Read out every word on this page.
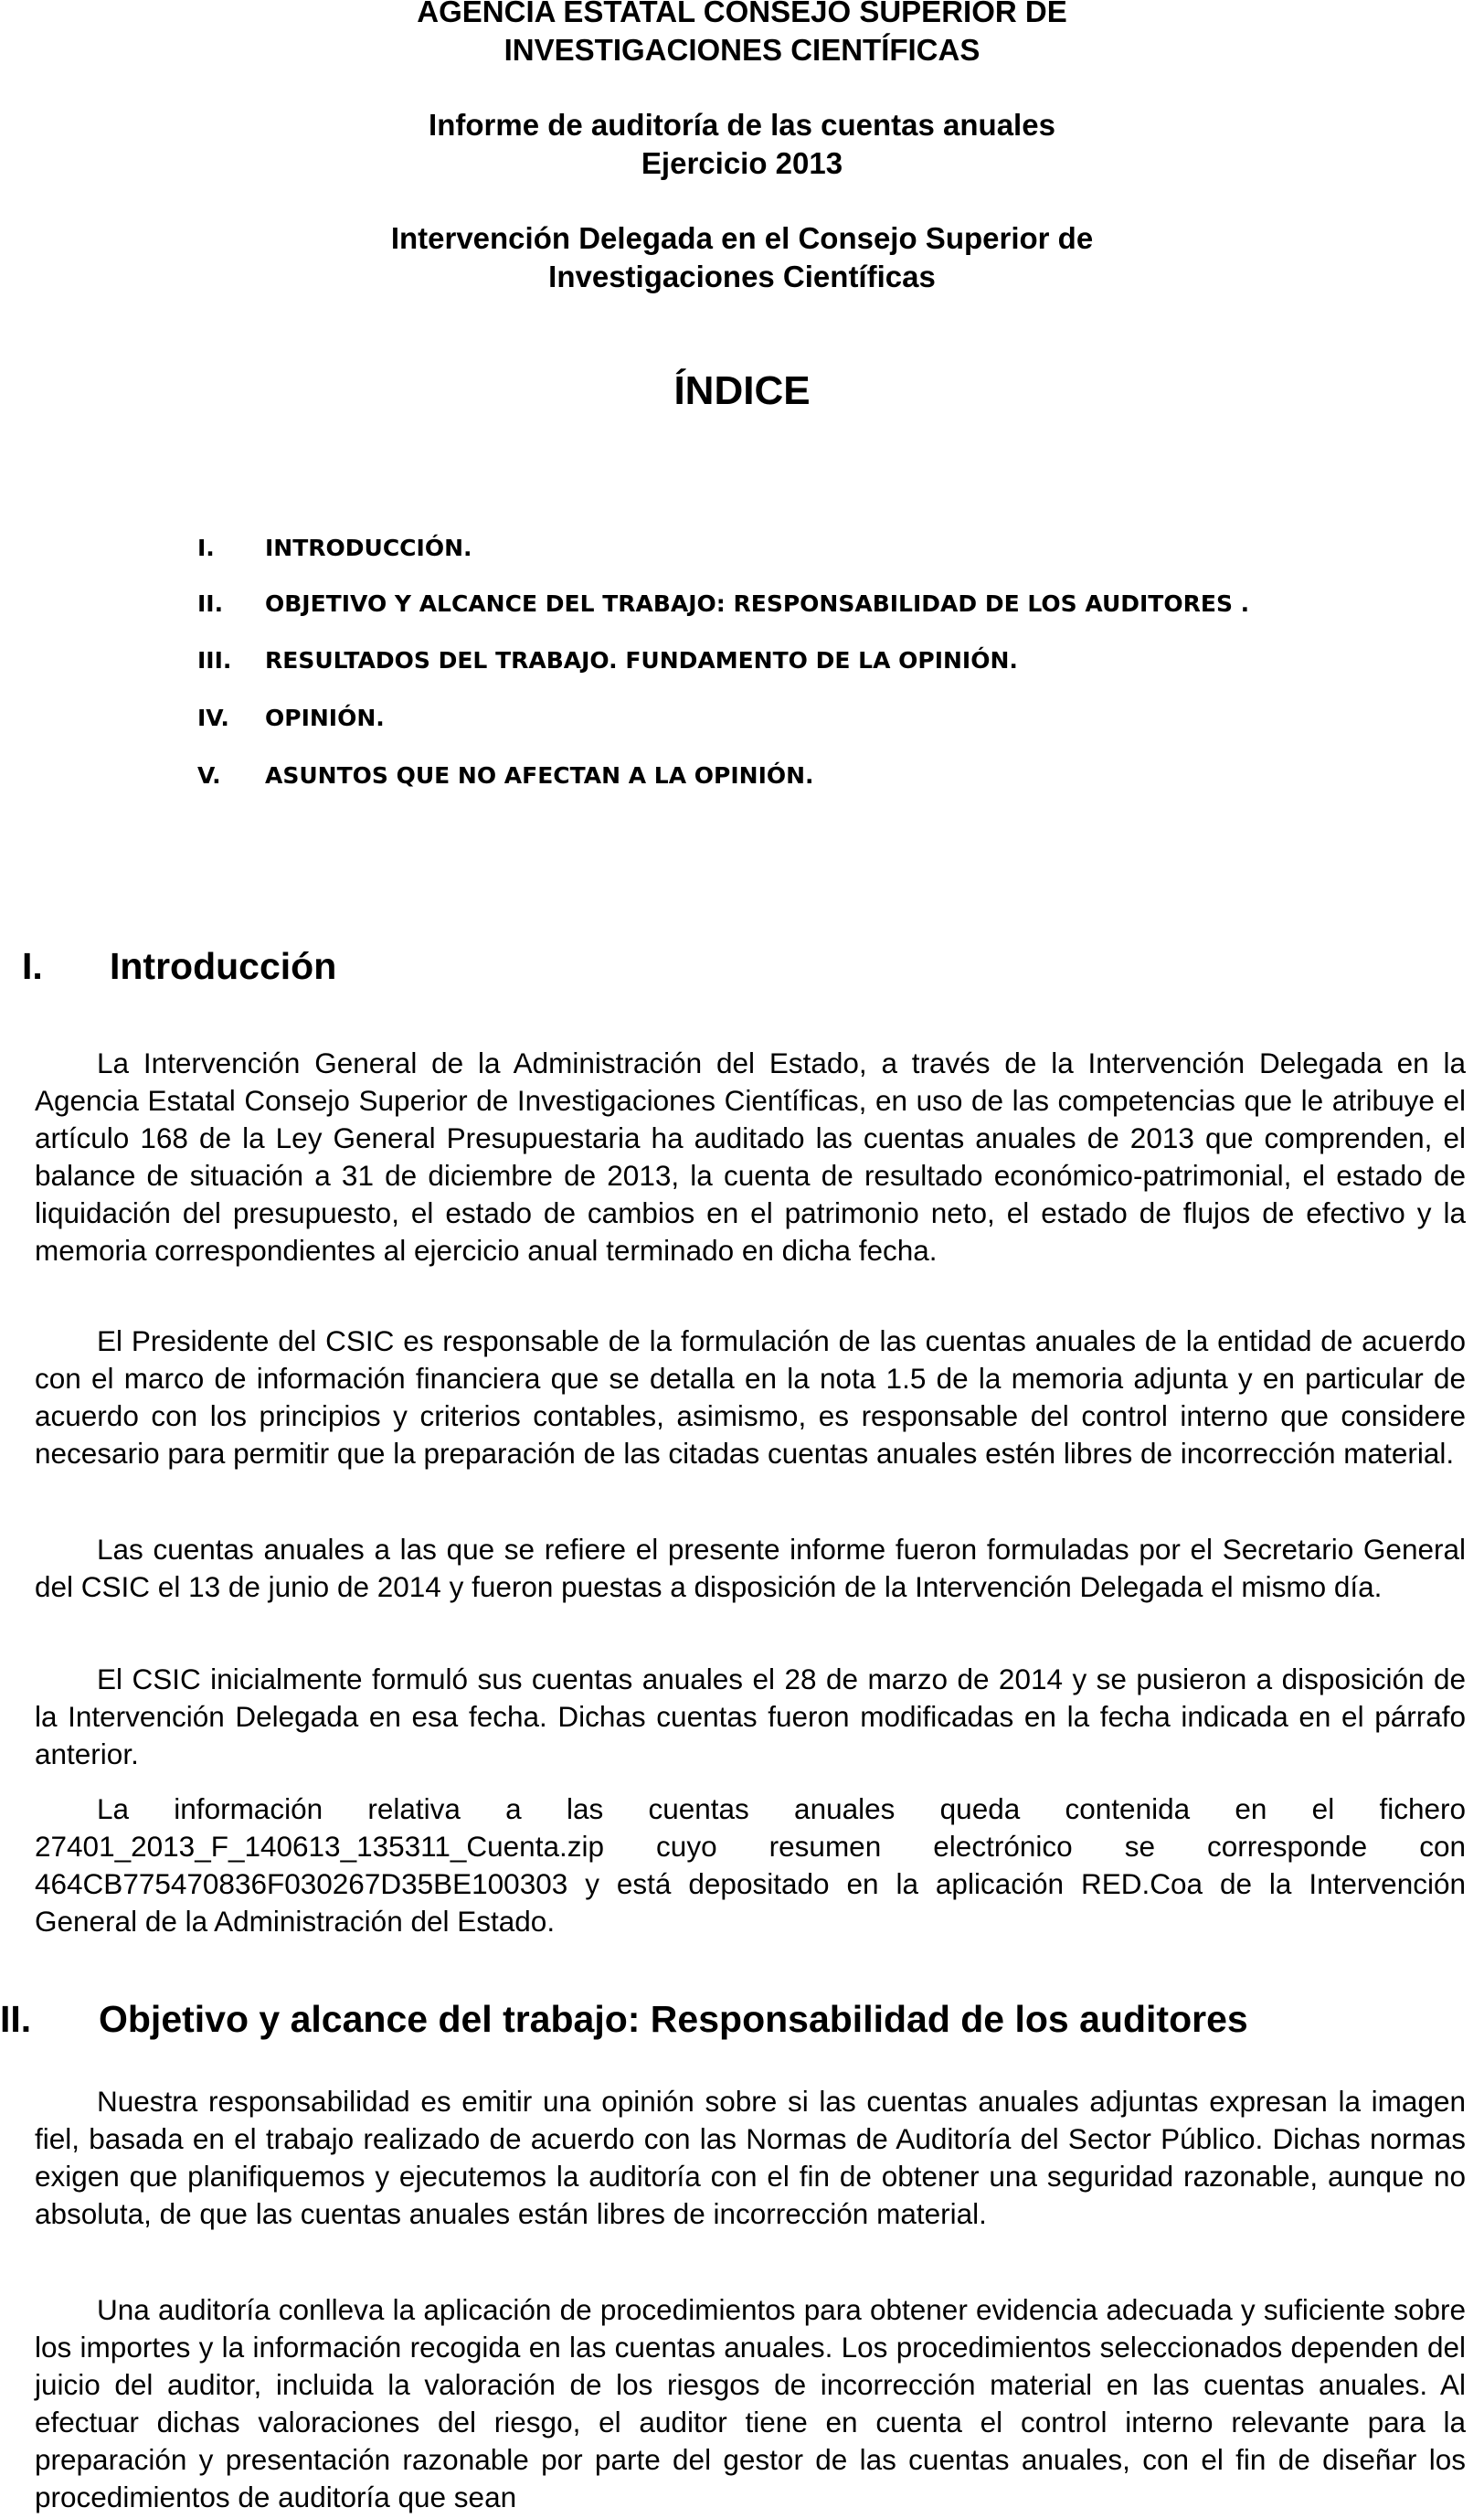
AGENCIA ESTATAL CONSEJO SUPERIOR DE
INVESTIGACIONES CIENTÍFICAS
Informe de auditoría de las cuentas anuales
Ejercicio 2013
Intervención Delegada en el Consejo Superior de
Investigaciones Científicas
ÍNDICE
I. INTRODUCCIÓN.
II. OBJETIVO Y ALCANCE DEL TRABAJO: RESPONSABILIDAD DE LOS AUDITORES .
III. RESULTADOS DEL TRABAJO. FUNDAMENTO DE LA OPINIÓN.
IV. OPINIÓN.
V. ASUNTOS QUE NO AFECTAN A LA OPINIÓN.
I. Introducción

La Intervención General de la Administración del Estado, a través de la Intervención Delegada en la Agencia Estatal Consejo Superior de Investigaciones Científicas, en uso de las competencias que le atribuye el artículo 168 de la Ley General Presupuestaria ha auditado las cuentas anuales de 2013 que comprenden, el balance de situación a 31 de diciembre de 2013, la cuenta de resultado económico-patrimonial, el estado de liquidación del presupuesto, el estado de cambios en el patrimonio neto, el estado de flujos de efectivo y la memoria correspondientes al ejercicio anual terminado en dicha fecha.

El Presidente del CSIC es responsable de la formulación de las cuentas anuales de la entidad de acuerdo con el marco de información financiera que se detalla en la nota 1.5 de la memoria adjunta y en particular de acuerdo con los principios y criterios contables, asimismo, es responsable del control interno que considere necesario para permitir que la preparación de las citadas cuentas anuales estén libres de incorrección material.

Las cuentas anuales a las que se refiere el presente informe fueron formuladas por el Secretario General del CSIC el 13 de junio de 2014 y fueron puestas a disposición de la Intervención Delegada el mismo día.

El CSIC inicialmente formuló sus cuentas anuales el 28 de marzo de 2014 y se pusieron a disposición de la Intervención Delegada en esa fecha. Dichas cuentas fueron modificadas en la fecha indicada en el párrafo anterior.

La información relativa a las cuentas anuales queda contenida en el fichero 27401_2013_F_140613_135311_Cuenta.zip cuyo resumen electrónico se corresponde con 464CB775470836F030267D35BE100303 y está depositado en la aplicación RED.Coa de la Intervención General de la Administración del Estado.

II. Objetivo y alcance del trabajo: Responsabilidad de los auditores

Nuestra responsabilidad es emitir una opinión sobre si las cuentas anuales adjuntas expresan la imagen fiel, basada en el trabajo realizado de acuerdo con las Normas de Auditoría del Sector Público. Dichas normas exigen que planifiquemos y ejecutemos la auditoría con el fin de obtener una seguridad razonable, aunque no absoluta, de que las cuentas anuales están libres de incorrección material.

Una auditoría conlleva la aplicación de procedimientos para obtener evidencia adecuada y suficiente sobre los importes y la información recogida en las cuentas anuales. Los procedimientos seleccionados dependen del juicio del auditor, incluida la valoración de los riesgos de incorrección material en las cuentas anuales. Al efectuar dichas valoraciones del riesgo, el auditor tiene en cuenta el control interno relevante para la preparación y presentación razonable por parte del gestor de las cuentas anuales, con el fin de diseñar los procedimientos de auditoría que sean
